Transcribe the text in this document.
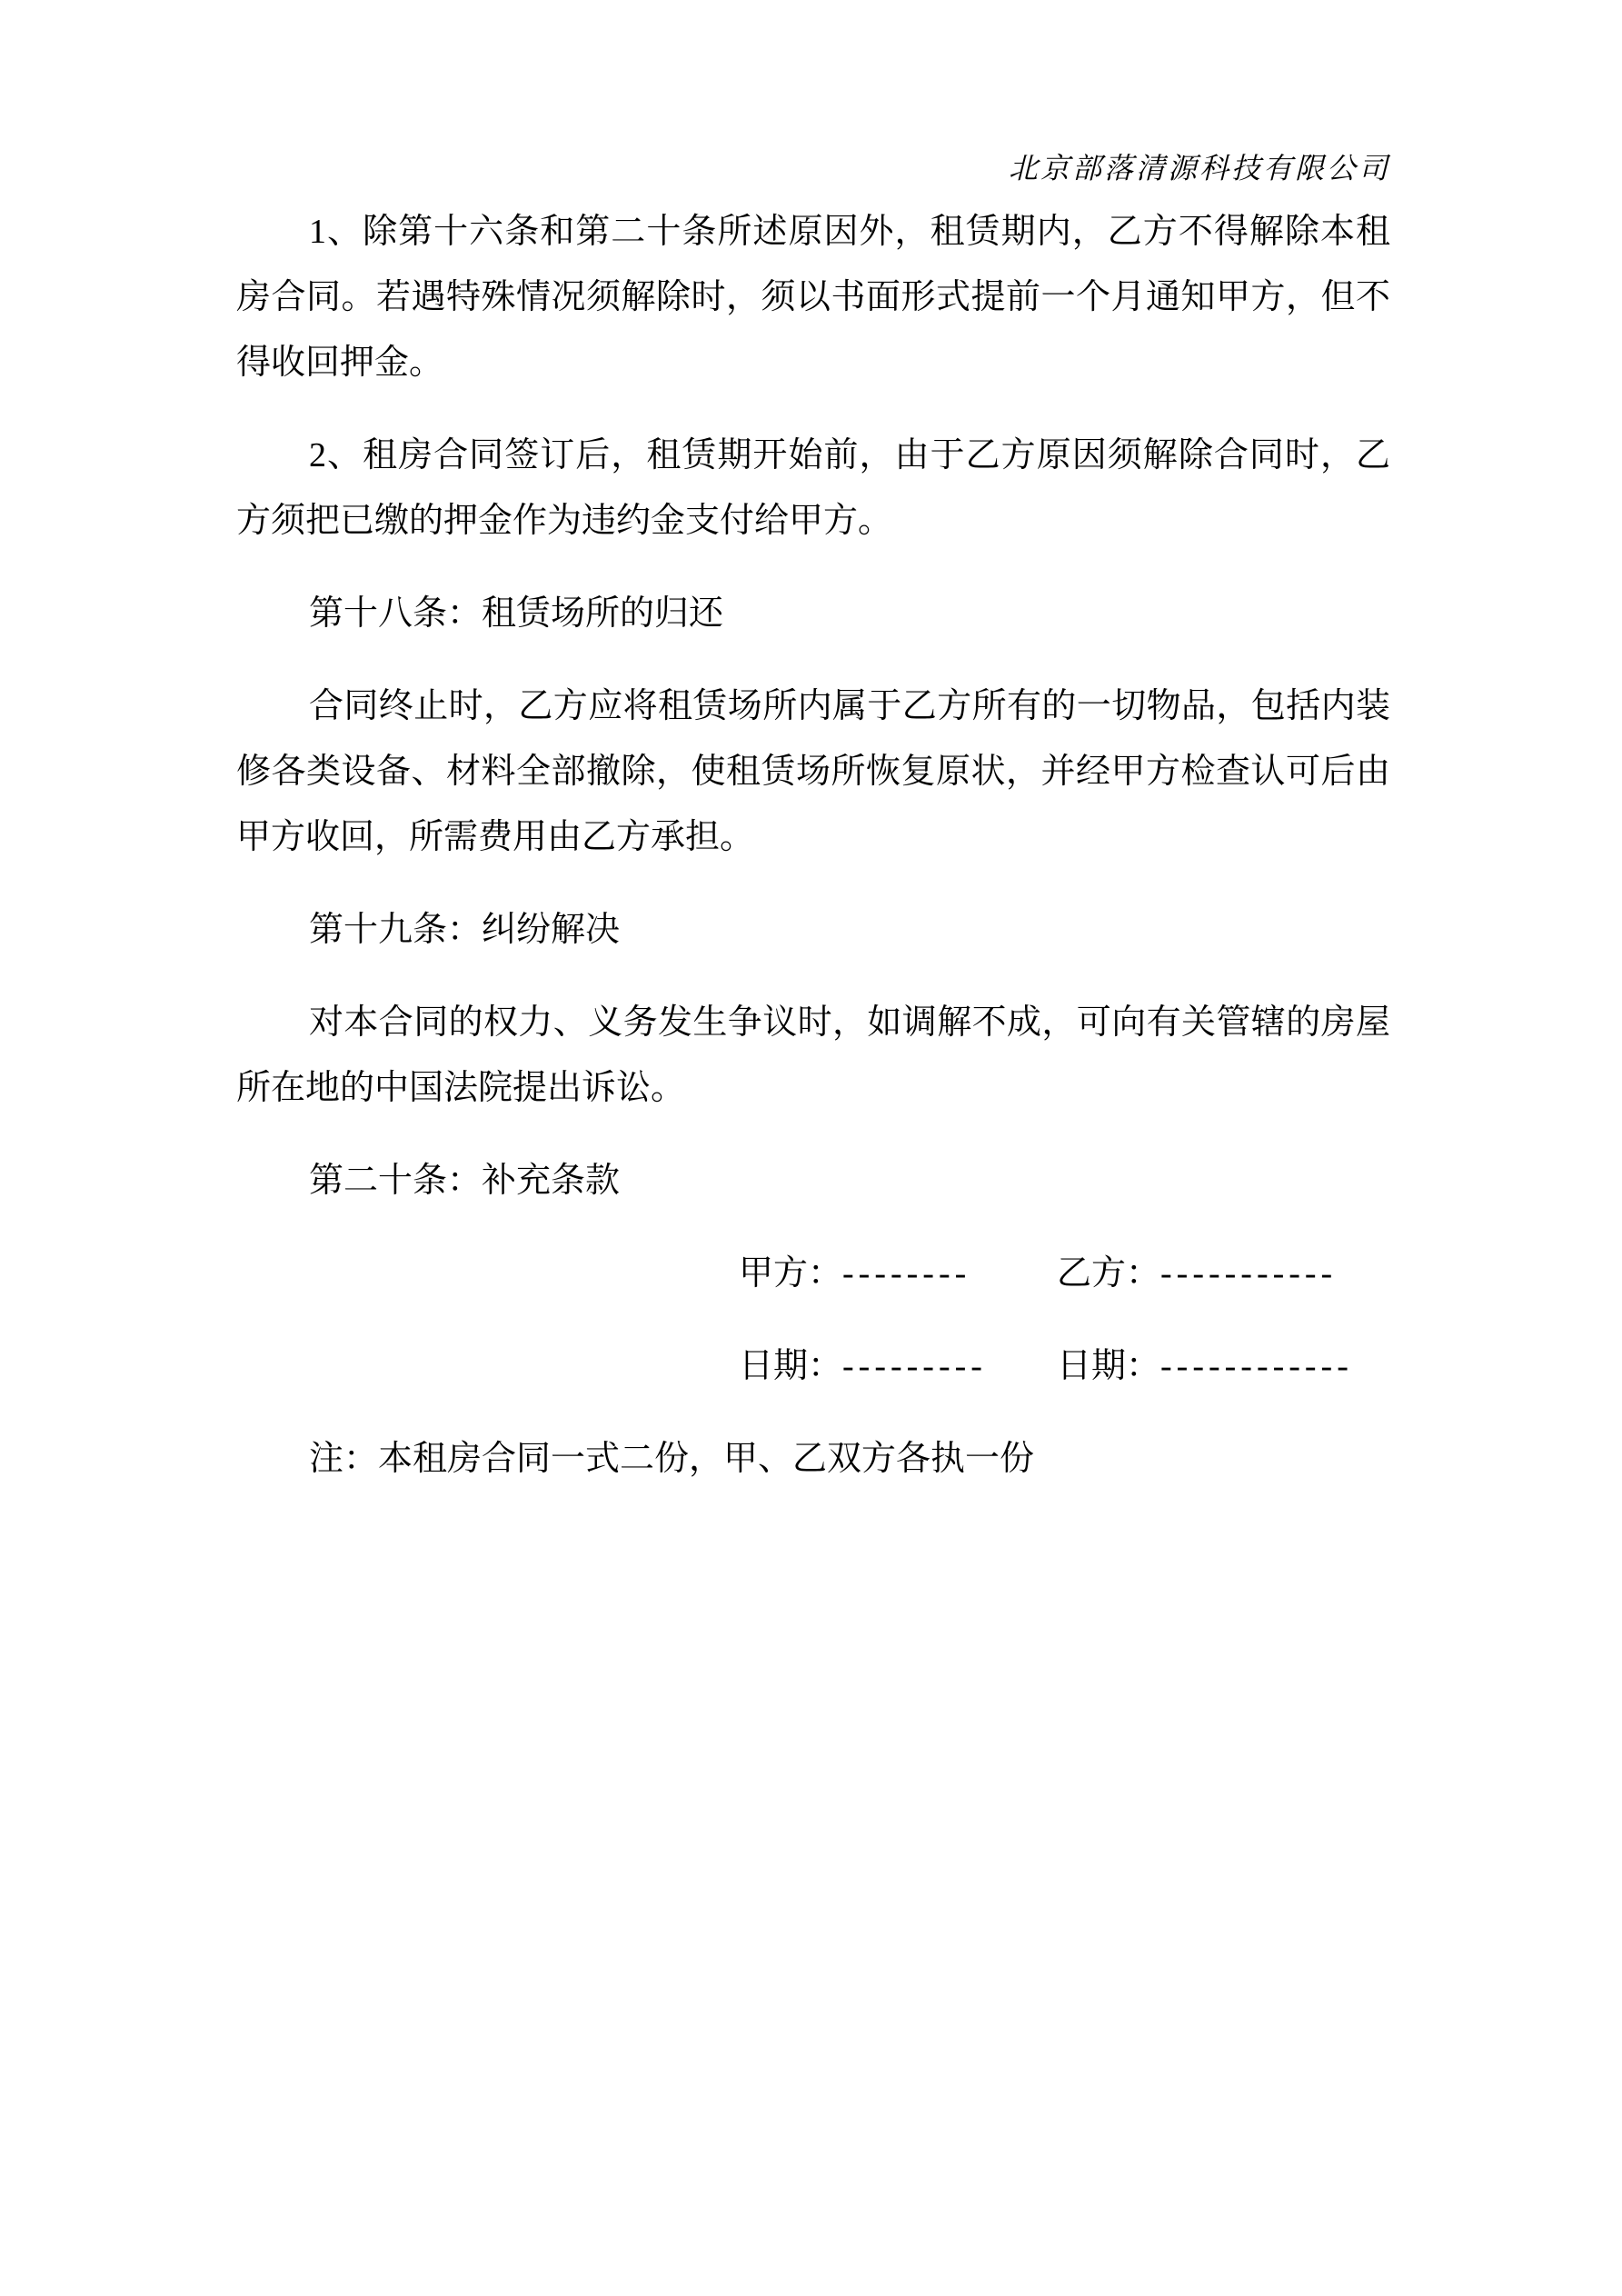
北京部落清源科技有限公司

1、除第十六条和第二十条所述原因外，租赁期内，乙方不得解除本租房合同。若遇特殊情况须解除时，须以书面形式提前一个月通知甲方，但不得收回押金。

2、租房合同签订后，租赁期开始前，由于乙方原因须解除合同时，乙方须把已缴的押金作为违约金支付给甲方。

第十八条：租赁场所的归还

合同终止时，乙方应将租赁场所内属于乙方所有的一切物品，包括内装修各类设备、材料全部撤除，使租赁场所恢复原状，并经甲方检查认可后由甲方收回，所需费用由乙方承担。

第十九条：纠纷解决

对本合同的权力、义务发生争议时，如调解不成，可向有关管辖的房屋所在地的中国法院提出诉讼。

第二十条：补充条款

甲方：-------- 乙方：-----------
日期：--------- 日期：------------

注：本租房合同一式二份，甲、乙双方各执一份
